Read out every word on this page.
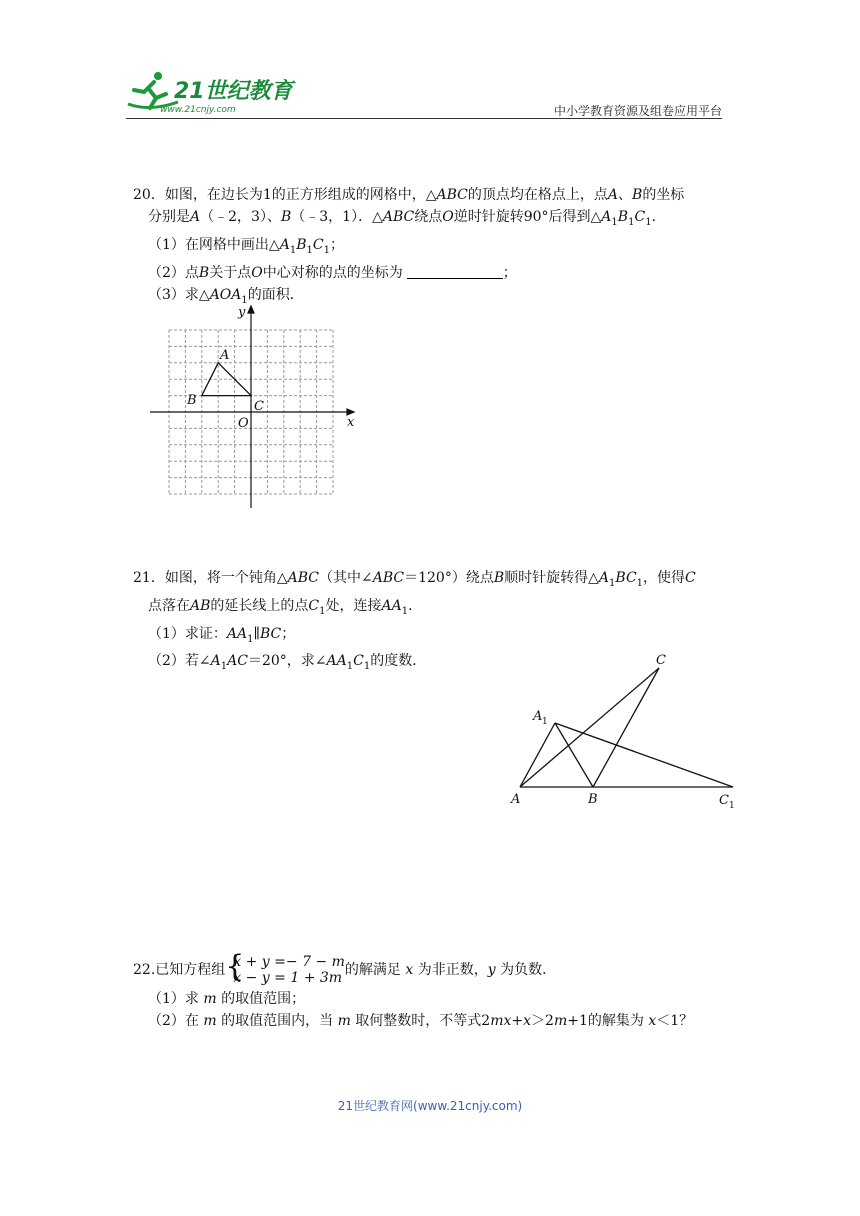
21世纪教育
www.21cnjy.com	中小学教育资源及组卷应用平台
20．如图，在边长为1的正方形组成的网格中，△ABC的顶点均在格点上，点A、B的坐标
分别是A（﹣2，3）、B（﹣3，1）．△ABC绕点O逆时针旋转90°后得到$\triangle A_1B_1C_1$．
（1）在网格中画出$\triangle A_1B_1C_1$；
（2）点B关于点O中心对称的点的坐标为	；
（3）求$\triangle AOA_1$的面积．
y
x
A
B	C
O
21．如图，将一个钝角△ABC（其中∠ABC＝120°）绕点B顺时针旋转得$\triangle A_1BC_1$，使得C
点落在AB的延长线上的点$C_1$处，连接$AA_1$．
（1）求证：$AA_1\parallel BC$；
（2）若$\angle A_1AC=20^\circ$，求$\angle AA_1C_1$的度数．	C
A 1
A	B	C 1
22.已知方程组 {
x + y =− 7 − m
x − y = 1 + 3m 的解满足 x 为非正数，y 为负数．
（1）求 m 的取值范围；
（2）在 m 的取值范围内，当 m 取何整数时，不等式2mx+x＞2m+1的解集为 x＜1？
21世纪教育网(www.21cnjy.com)
